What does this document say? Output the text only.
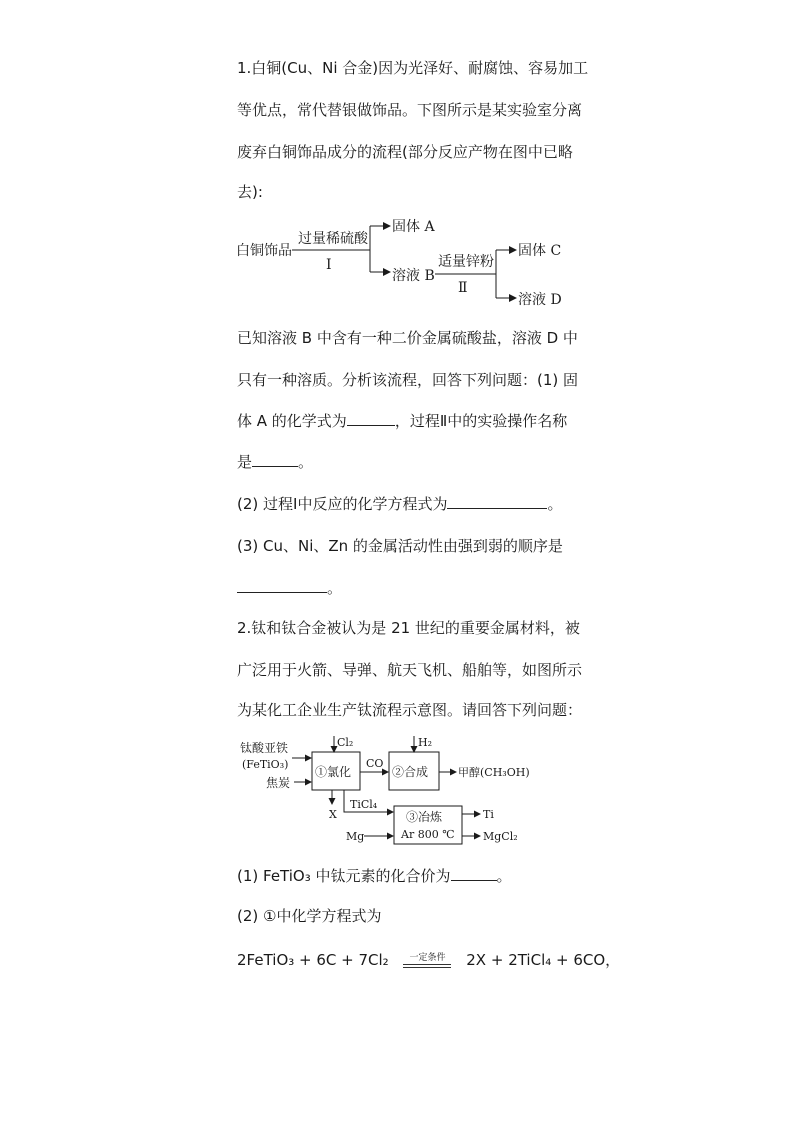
1.白铜(Cu、Ni 合金)因为光泽好、耐腐蚀、容易加工
等优点，常代替银做饰品。下图所示是某实验室分离
废弃白铜饰品成分的流程(部分反应产物在图中已略
去):
白铜饰品
过量稀硫酸
Ⅰ
固体 A
溶液 B
适量锌粉
Ⅱ
固体 C
溶液 D
已知溶液 B 中含有一种二价金属硫酸盐，溶液 D 中
只有一种溶质。分析该流程，回答下列问题：(1) 固
体 A 的化学式为	，过程Ⅱ中的实验操作名称
是	。
(2) 过程Ⅰ中反应的化学方程式为	。
(3) Cu、Ni、Zn 的金属活动性由强到弱的顺序是
。
2.钛和钛合金被认为是 21 世纪的重要金属材料，被
广泛用于火箭、导弹、航天飞机、船舶等，如图所示
为某化工企业生产钛流程示意图。请回答下列问题：
钛酸亚铁
(FeTiO₃)
焦炭
Cl₂
①氯化
CO
H₂
②合成	甲醇(CH₃OH)
X
TiCl₄
Mg
③冶炼
Ar 800 ℃
Ti
MgCl₂
(1) FeTiO₃ 中钛元素的化合价为	。
(2) ①中化学方程式为
2FeTiO₃ + 6C + 7Cl₂	一定条件	2X + 2TiCl₄ + 6CO，
